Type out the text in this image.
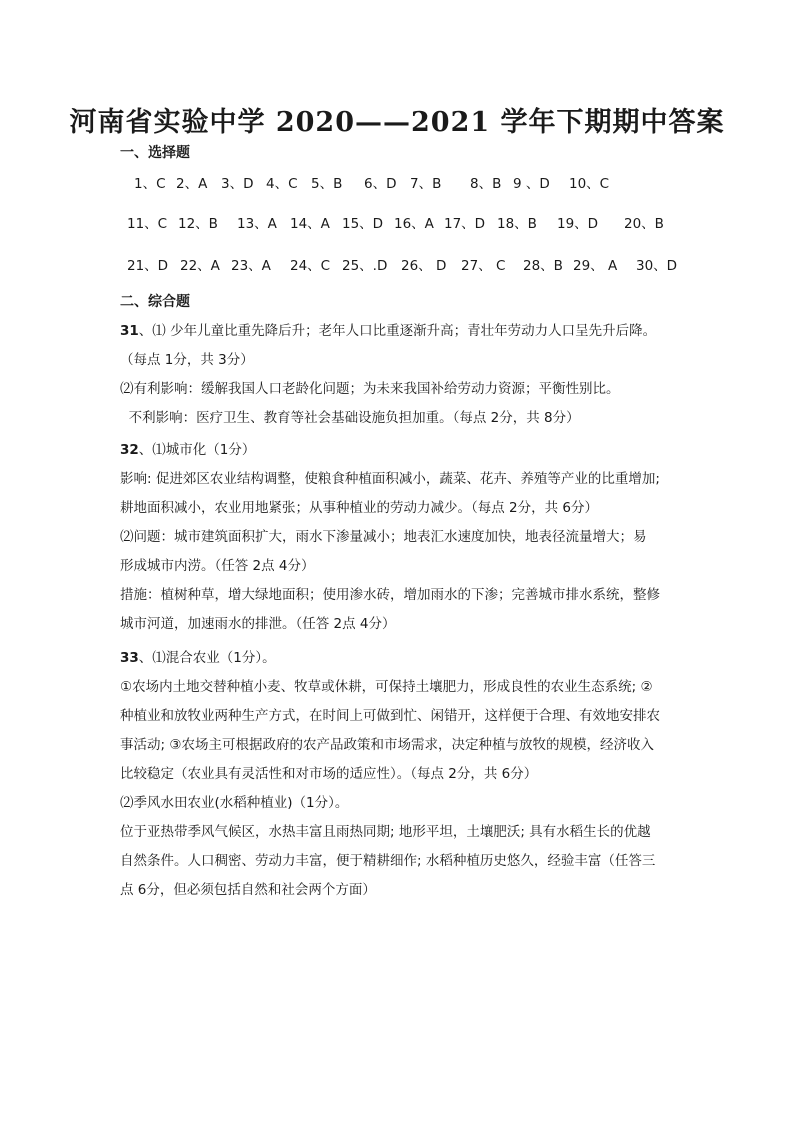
河南省实验中学 2020——2021 学年下期期中答案
一、选择题
1、C 2、A 3、D 4、C 5、B 6、D 7、B 8、B 9 、D 10、C
11、C 12、B 13、A 14、A 15、D 16、A 17、D 18、B 19、D 20、B
21、D 22、A 23、A 24、C 25、.D 26、 D 27、 C 28、B 29、 A 30、D
二、综合题
31、⑴ 少年儿童比重先降后升；老年人口比重逐渐升高；青壮年劳动力人口呈先升后降。
（每点 1分，共 3分）
⑵有利影响：缓解我国人口老龄化问题；为未来我国补给劳动力资源；平衡性别比。
不利影响：医疗卫生、教育等社会基础设施负担加重。（每点 2分，共 8分）
32、⑴城市化（1分）
影响: 促进郊区农业结构调整，使粮食种植面积减小，蔬菜、花卉、养殖等产业的比重增加;
耕地面积减小，农业用地紧张；从事种植业的劳动力减少。（每点 2分，共 6分）
⑵问题：城市建筑面积扩大，雨水下渗量减小；地表汇水速度加快，地表径流量增大；易
形成城市内涝。（任答 2点 4分）
措施：植树种草，增大绿地面积；使用渗水砖，增加雨水的下渗；完善城市排水系统，整修
城市河道，加速雨水的排泄。（任答 2点 4分）
33、⑴混合农业（1分）。
①农场内土地交替种植小麦、牧草或休耕，可保持土壤肥力，形成良性的农业生态系统; ②
种植业和放牧业两种生产方式，在时间上可做到忙、闲错开，这样便于合理、有效地安排农
事活动; ③农场主可根据政府的农产品政策和市场需求，决定种植与放牧的规模，经济收入
比较稳定（农业具有灵活性和对市场的适应性）。（每点 2分，共 6分）
⑵季风水田农业(水稻种植业)（1分）。
位于亚热带季风气候区，水热丰富且雨热同期; 地形平坦，土壤肥沃; 具有水稻生长的优越
自然条件。人口稠密、劳动力丰富，便于精耕细作; 水稻种植历史悠久，经验丰富（任答三
点 6分，但必须包括自然和社会两个方面）
